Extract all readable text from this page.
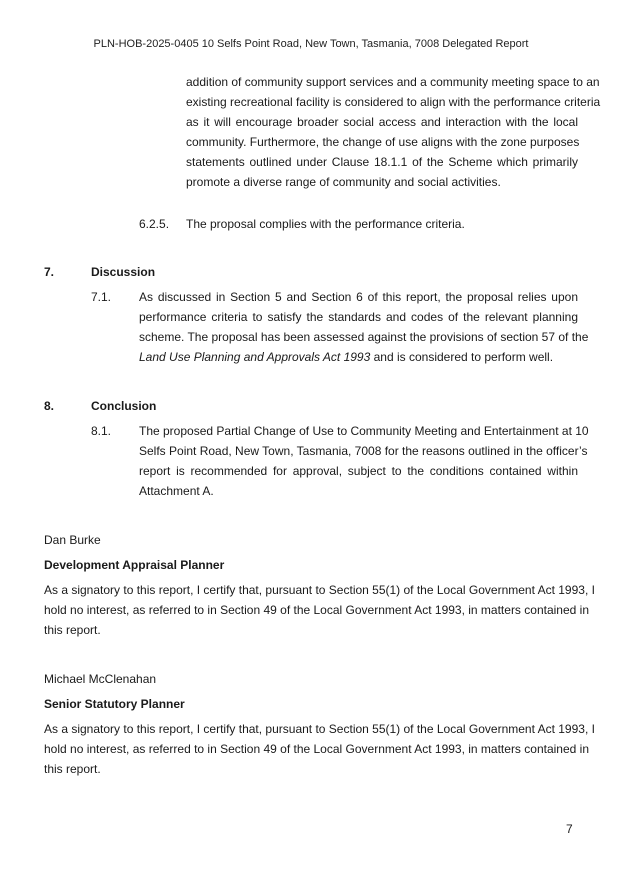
PLN-HOB-2025-0405 10 Selfs Point Road, New Town, Tasmania, 7008 Delegated Report
addition of community support services and a community meeting space to an
existing recreational facility is considered to align with the performance criteria
as it will encourage broader social access and interaction with the local
community. Furthermore, the change of use aligns with the zone purposes
statements outlined under Clause 18.1.1 of the Scheme which primarily
promote a diverse range of community and social activities.
6.2.5. The proposal complies with the performance criteria.
7.	Discussion
7.1. As discussed in Section 5 and Section 6 of this report, the proposal relies upon
performance criteria to satisfy the standards and codes of the relevant planning
scheme. The proposal has been assessed against the provisions of section 57 of the
Land Use Planning and Approvals Act 1993 and is considered to perform well.
8.	Conclusion
8.1. The proposed Partial Change of Use to Community Meeting and Entertainment at 10
Selfs Point Road, New Town, Tasmania, 7008 for the reasons outlined in the officer’s
report is recommended for approval, subject to the conditions contained within
Attachment A.
Dan Burke
Development Appraisal Planner
As a signatory to this report, I certify that, pursuant to Section 55(1) of the Local Government Act 1993, I
hold no interest, as referred to in Section 49 of the Local Government Act 1993, in matters contained in
this report.
Michael McClenahan
Senior Statutory Planner
As a signatory to this report, I certify that, pursuant to Section 55(1) of the Local Government Act 1993, I
hold no interest, as referred to in Section 49 of the Local Government Act 1993, in matters contained in
this report.
7
